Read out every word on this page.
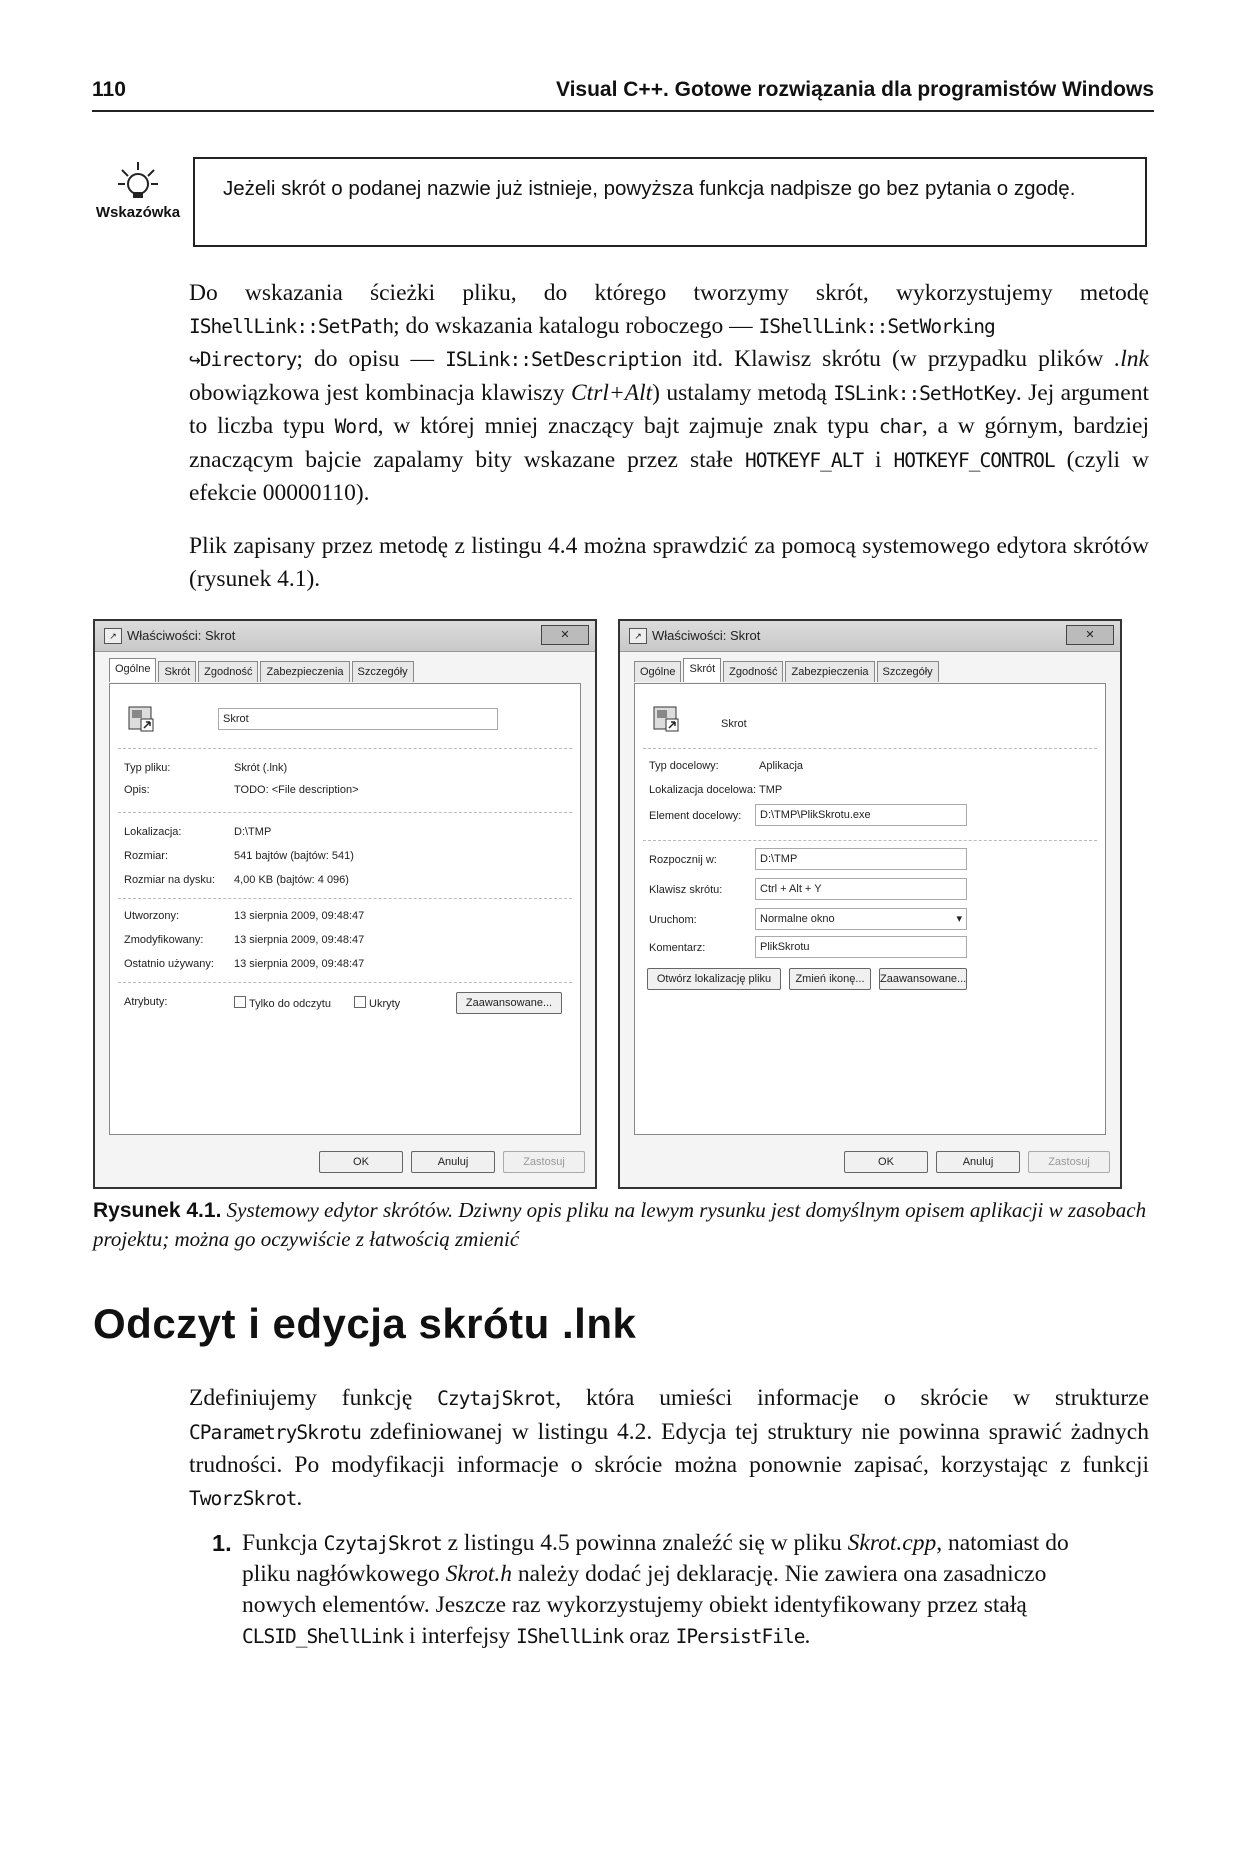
110	Visual C++. Gotowe rozwiązania dla programistów Windows
Wskazówka
Jeżeli skrót o podanej nazwie już istnieje, powyższa funkcja nadpisze go bez pytania o zgodę.
Do wskazania ścieżki pliku, do którego tworzymy skrót, wykorzystujemy metodę IShellLink::SetPath; do wskazania katalogu roboczego — IShellLink::SetWorking
↪Directory; do opisu — ISLink::SetDescription itd. Klawisz skrótu (w przypadku plików .lnk obowiązkowa jest kombinacja klawiszy Ctrl+Alt) ustalamy metodą ISLink::SetHotKey. Jej argument to liczba typu Word, w której mniej znaczący bajt zajmuje znak typu char, a w górnym, bardziej znaczącym bajcie zapalamy bity wskazane przez stałe HOTKEYF_ALT i HOTKEYF_CONTROL (czyli w efekcie 00000110).
Plik zapisany przez metodę z listingu 4.4 można sprawdzić za pomocą systemowego edytora skrótów (rysunek 4.1).
↗ Właściwości: Skrot	✕
Ogólne	Skrót	Zgodność	Zabezpieczenia	Szczegóły
Skrot
Typ pliku:	Skrót (.lnk)
Opis:	TODO: <File description>
Lokalizacja:	D:\TMP
Rozmiar:	541 bajtów (bajtów: 541)
Rozmiar na dysku: 4,00 KB (bajtów: 4 096)
Utworzony:	13 sierpnia 2009, 09:48:47
Zmodyfikowany:	13 sierpnia 2009, 09:48:47
Ostatnio używany: 13 sierpnia 2009, 09:48:47
Atrybuty:	Tylko do odczytu	Ukryty	Zaawansowane...
OK	Anuluj	Zastosuj
↗ Właściwości: Skrot	✕
Ogólne	Skrót	Zgodność	Zabezpieczenia	Szczegóły
Skrot
Typ docelowy:	Aplikacja
Lokalizacja docelowa: TMP
Element docelowy:	D:\TMP\PlikSkrotu.exe
Rozpocznij w:	D:\TMP
Klawisz skrótu:	Ctrl + Alt + Y
Uruchom:	Normalne okno	▾
Komentarz:	PlikSkrotu
Otwórz lokalizację pliku	Zmień ikonę...	Zaawansowane...
OK	Anuluj	Zastosuj
Rysunek 4.1. Systemowy edytor skrótów. Dziwny opis pliku na lewym rysunku jest domyślnym opisem aplikacji w zasobach projektu; można go oczywiście z łatwością zmienić
Odczyt i edycja skrótu .lnk
Zdefiniujemy funkcję CzytajSkrot, która umieści informacje o skrócie w strukturze CParametrySkrotu zdefiniowanej w listingu 4.2. Edycja tej struktury nie powinna sprawić żadnych trudności. Po modyfikacji informacje o skrócie można ponownie zapisać, korzystając z funkcji TworzSkrot.
1. Funkcja CzytajSkrot z listingu 4.5 powinna znaleźć się w pliku Skrot.cpp, natomiast do pliku nagłówkowego Skrot.h należy dodać jej deklarację. Nie zawiera ona zasadniczo nowych elementów. Jeszcze raz wykorzystujemy obiekt identyfikowany przez stałą CLSID_ShellLink i interfejsy IShellLink oraz IPersistFile.
